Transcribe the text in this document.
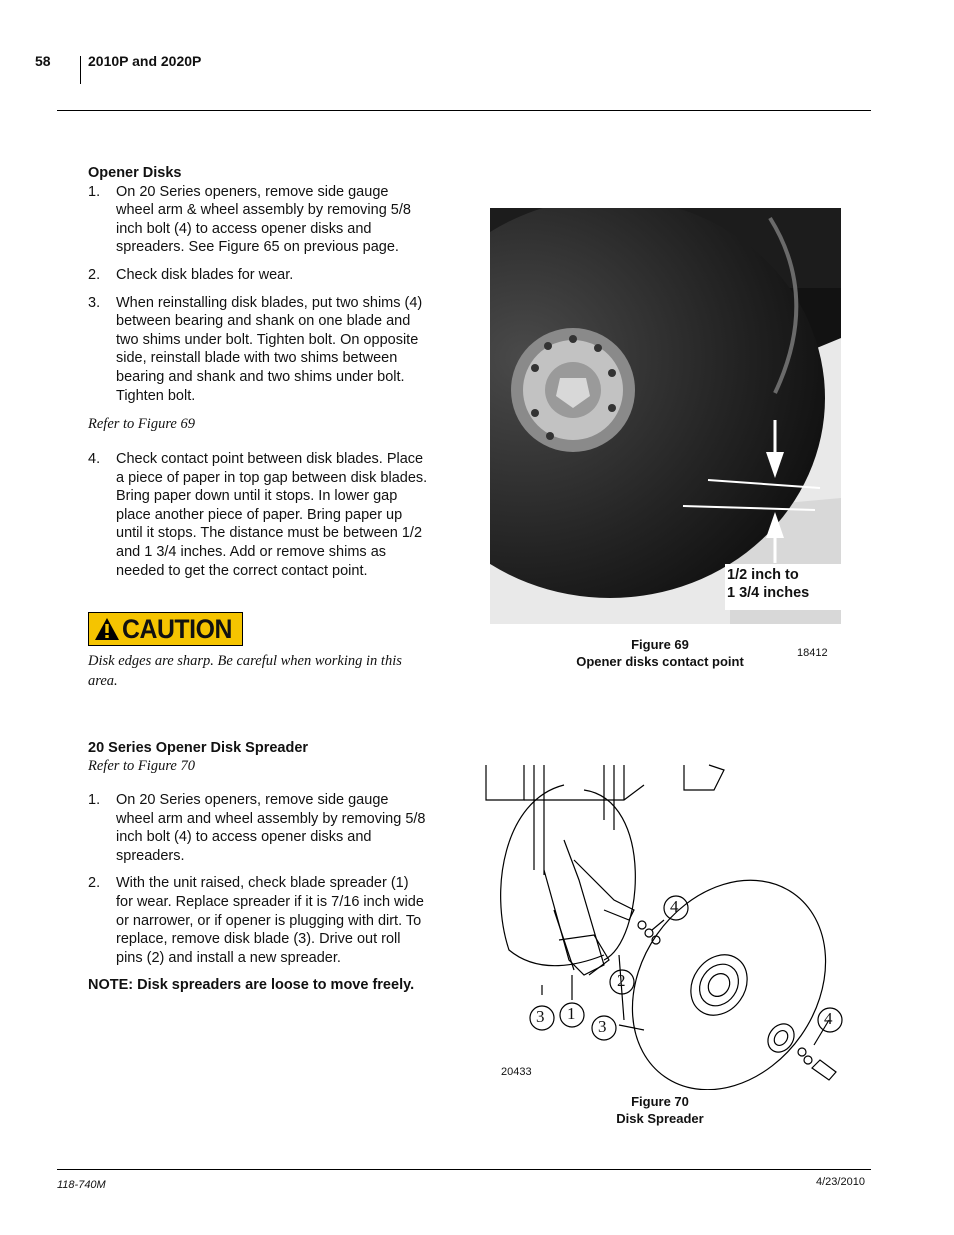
58	2010P and 2020P
Opener Disks
1. On 20 Series openers, remove side gauge wheel arm & wheel assembly by removing 5/8 inch bolt (4) to access opener disks and spreaders. See Figure 65 on previous page.
2. Check disk blades for wear.
3. When reinstalling disk blades, put two shims (4) between bearing and shank on one blade and two shims under bolt. Tighten bolt. On opposite side, reinstall blade with two shims between bearing and shank and two shims under bolt. Tighten bolt.
Refer to Figure 69
4. Check contact point between disk blades. Place a piece of paper in top gap between disk blades. Bring paper down until it stops. In lower gap place another piece of paper. Bring paper up until it stops. The distance must be between 1/2 and 1 3/4 inches. Add or remove shims as needed to get the correct contact point.
CAUTION
Disk edges are sharp. Be careful when working in this area.
20 Series Opener Disk Spreader
Refer to Figure 70
1. On 20 Series openers, remove side gauge wheel arm and wheel assembly by removing 5/8 inch bolt (4) to access opener disks and spreaders.
2. With the unit raised, check blade spreader (1) for wear. Replace spreader if it is 7/16 inch wide or narrower, or if opener is plugging with dirt. To replace, remove disk blade (3). Drive out roll pins (2) and install a new spreader.
NOTE: Disk spreaders are loose to move freely.
1/2 inch to
1 3/4 inches
Figure 69
Opener disks contact point
18412
3 1
3
2
4
4
20433
Figure 70
Disk Spreader
118-740M	4/23/2010
